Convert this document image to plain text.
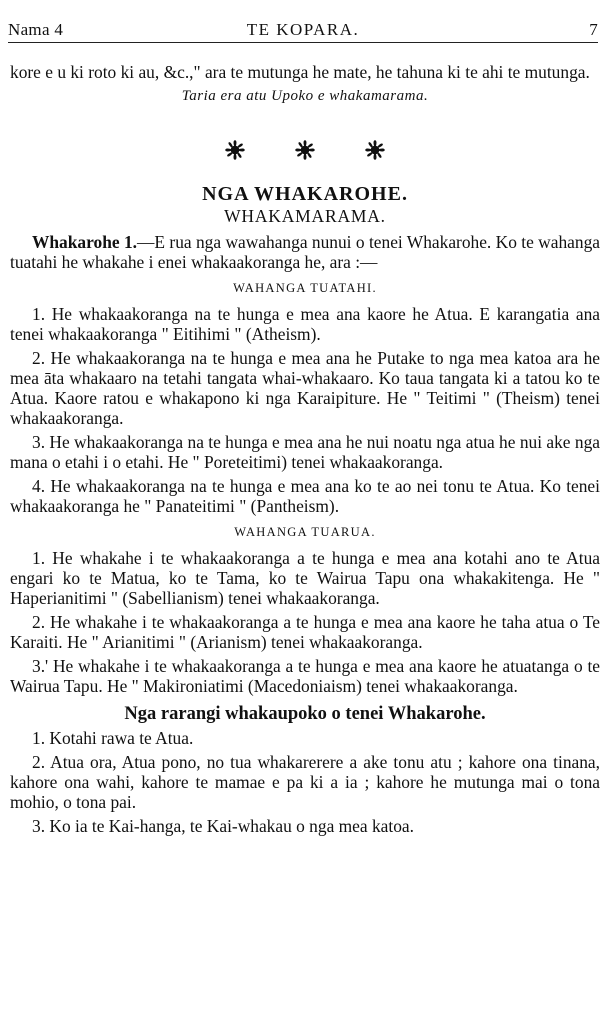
Nama 4	TE KOPARA.	7

kore e u ki roto ki au, &c.," ara te mutunga he mate, he tahuna ki te ahi te mutunga.

Taria era atu Upoko e whakamarama.

NGA WHAKAROHE.
WHAKAMARAMA.

Whakarohe 1.—E rua nga wawahanga nunui o tenei Whakarohe. Ko te wahanga tuatahi he whakahe i enei whakaakoranga he, ara :—

WAHANGA TUATAHI.

1. He whakaakoranga na te hunga e mea ana kaore he Atua. E karangatia ana tenei whakaakoranga " Eitihimi " (Atheism).

2. He whakaakoranga na te hunga e mea ana he Putake to nga mea katoa ara he mea āta whakaaro na tetahi tangata whai-whakaaro. Ko taua tangata ki a tatou ko te Atua. Kaore ratou e whakapono ki nga Karaipiture. He " Teitimi " (Theism) tenei whakaakoranga.

3. He whakaakoranga na te hunga e mea ana he nui noatu nga atua he nui ake nga mana o etahi i o etahi. He " Poreteitimi) tenei whakaakoranga.

4. He whakaakoranga na te hunga e mea ana ko te ao nei tonu te Atua. Ko tenei whakaakoranga he " Panateitimi " (Pantheism).

WAHANGA TUARUA.

1. He whakahe i te whakaakoranga a te hunga e mea ana kotahi ano te Atua engari ko te Matua, ko te Tama, ko te Wairua Tapu ona whakakitenga. He " Haperianitimi " (Sabellianism) tenei whakaakoranga.

2. He whakahe i te whakaakoranga a te hunga e mea ana kaore he taha atua o Te Karaiti. He " Arianitimi " (Arianism) tenei whakaakoranga.

3.' He whakahe i te whakaakoranga a te hunga e mea ana kaore he atuatanga o te Wairua Tapu. He " Makironiatimi (Macedoniaism) tenei whakaakoranga.

Nga rarangi whakaupoko o tenei Whakarohe.

1. Kotahi rawa te Atua.

2. Atua ora, Atua pono, no tua whakarerere a ake tonu atu ; kahore ona tinana, kahore ona wahi, kahore te mamae e pa ki a ia ; kahore he mutunga mai o tona mohio, o tona pai.

3. Ko ia te Kai-hanga, te Kai-whakau o nga mea katoa.
